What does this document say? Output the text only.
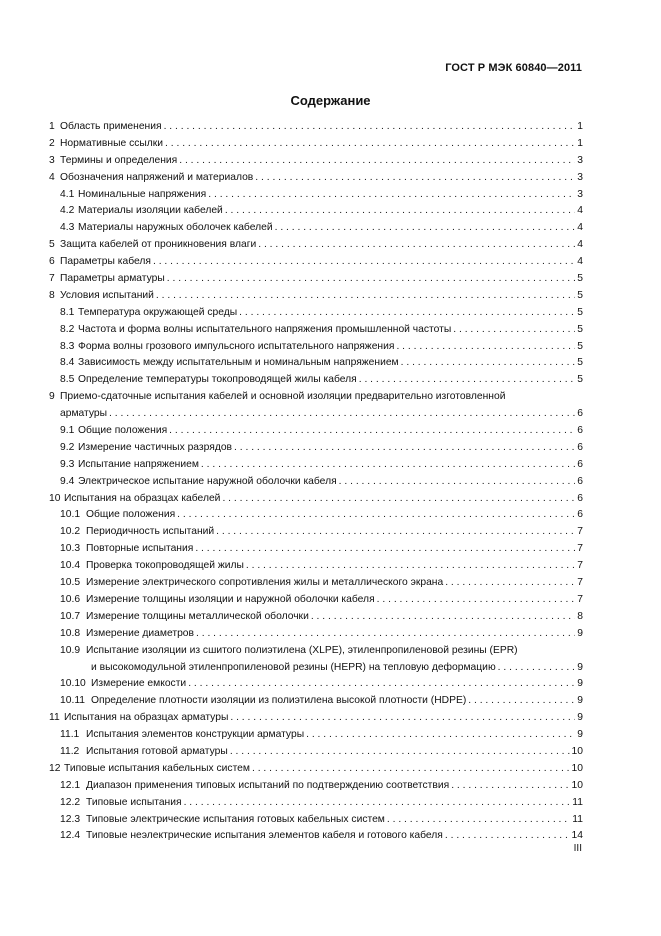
ГОСТ Р МЭК 60840—2011
Содержание
1 Область применения . . .	1
2 Нормативные ссылки . . .	1
3 Термины и определения . . .	3
4 Обозначения напряжений и материалов . . .	3
4.1 Номинальные напряжения . . .	3
4.2 Материалы изоляции кабелей . . .	4
4.3 Материалы наружных оболочек кабелей . . .	4
5 Защита кабелей от проникновения влаги . . .	4
6 Параметры кабеля . . .	4
7 Параметры арматуры . . .	5
8 Условия испытаний . . .	5
8.1 Температура окружающей среды . . .	5
8.2 Частота и форма волны испытательного напряжения промышленной частоты . . .	5
8.3 Форма волны грозового импульсного испытательного напряжения . . .	5
8.4 Зависимость между испытательным и номинальным напряжением . . .	5
8.5 Определение температуры токопроводящей жилы кабеля . . .	5
9 Приемо-сдаточные испытания кабелей и основной изоляции предварительно изготовленной
арматуры . . .	6
9.1 Общие положения . . .	6
9.2 Измерение частичных разрядов . . .	6
9.3 Испытание напряжением . . .	6
9.4 Электрическое испытание наружной оболочки кабеля . . .	6
10 Испытания на образцах кабелей . . .	6
10.1 Общие положения . . .	6
10.2 Периодичность испытаний . . .	7
10.3 Повторные испытания . . .	7
10.4 Проверка токопроводящей жилы . . .	7
10.5 Измерение электрического сопротивления жилы и металлического экрана . . .	7
10.6 Измерение толщины изоляции и наружной оболочки кабеля . . .	7
10.7 Измерение толщины металлической оболочки . . .	8
10.8 Измерение диаметров . . .	9
10.9 Испытание изоляции из сшитого полиэтилена (XLPE), этиленпропиленовой резины (EPR)
и высокомодульной этиленпропиленовой резины (HEPR) на тепловую деформацию . . .	9
10.10 Измерение емкости . . .	9
10.11 Определение плотности изоляции из полиэтилена высокой плотности (HDPE) . . .	9
11 Испытания на образцах арматуры . . .	9
11.1 Испытания элементов конструкции арматуры . . .	9
11.2 Испытания готовой арматуры . . .	10
12 Типовые испытания кабельных систем . . .	10
12.1 Диапазон применения типовых испытаний по подтверждению соответствия . . .	10
12.2 Типовые испытания . . .	11
12.3 Типовые электрические испытания готовых кабельных систем . . .	11
12.4 Типовые неэлектрические испытания элементов кабеля и готового кабеля . . .	14
III
